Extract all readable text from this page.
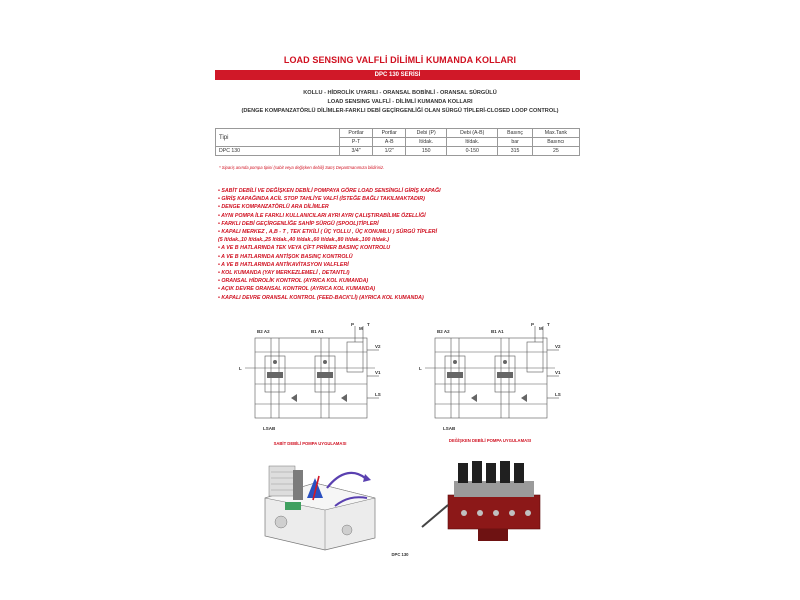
LOAD SENSING VALFLİ DİLİMLİ KUMANDA KOLLARI
DPC 130 SERİSİ
KOLLU - HİDROLİK UYARILI - ORANSAL BOBİNLİ - ORANSAL SÜRGÜLÜ
LOAD SENSING VALFLİ - DİLİMLİ KUMANDA KOLLARI
(DENGE KOMPANZATÖRLÜ DİLİMLER-FARKLI DEBİ GEÇİRGENLİĞİ OLAN SÜRGÜ TİPLERİ-CLOSED LOOP CONTROL)
Tipi	Portlar	Portlar	Debi (P)	Debi (A-B)	Basınç	Max.Tank
	P-T	A-B	lt/dak.	lt/dak.	bar	Basıncı
DPC 130	3/4"	1/2"	150	0-150	315	25
* Sipariş anında pompa tipini (sabit veya değişken debili) Satış Departmanımıza bildiriniz.
• SABİT DEBİLİ VE DEĞİŞKEN DEBİLİ POMPAYA GÖRE LOAD SENSİNGLİ GİRİŞ KAPAĞI
• GİRİŞ KAPAĞINDA ACİL STOP TAHLİYE VALFİ (İSTEĞE BAĞLI TAKILMAKTADIR)
• DENGE KOMPANZATÖRLÜ ARA DİLİMLER
• AYNI POMPA İLE FARKLI KULLANICILARI AYRI AYRI ÇALIŞTIRABİLME ÖZELLİĞİ
• FARKLI DEBİ GEÇİRGENLİĞE SAHİP SÜRGÜ (SPOOL)TİPLERİ
• KAPALI MERKEZ , A,B - T , TEK ETKİLİ ( ÜÇ YOLLU , ÜÇ KONUMLU ) SÜRGÜ TİPLERİ
(5 lt/dak.,10 lt/dak.,25 lt/dak.,40 lt/dak.,60 lt/dak.,80 lt/dak.,100 lt/dak.)
• A VE B HATLARINDA TEK VEYA ÇİFT PRİMER BASINÇ KONTROLU
• A VE B HATLARINDA ANTİŞOK BASINÇ KONTROLÜ
• A VE B HATLARINDA ANTİKAVİTASYON VALFLERİ
• KOL KUMANDA (YAY MERKEZLEMELİ , DETANTLI)
• ORANSAL HİDROLİK KONTROL (AYRICA KOL KUMANDA)
• AÇIK DEVRE ORANSAL KONTROL (AYRICA KOL KUMANDA)
• KAPALI DEVRE ORANSAL KONTROL (FEED-BACK'Lİ) (AYRICA KOL KUMANDA)
B2 A2	B1 A1
P
M
T
L
V2
V1
LS
LSAB
SABİT DEBİLİ POMPA UYGULAMASI
B2 A2	B1 A1
P
M
T
L
V2
V1
LS
LSAB
DEĞİŞKEN DEBİLİ POMPA UYGULAMASI
DPC 130
